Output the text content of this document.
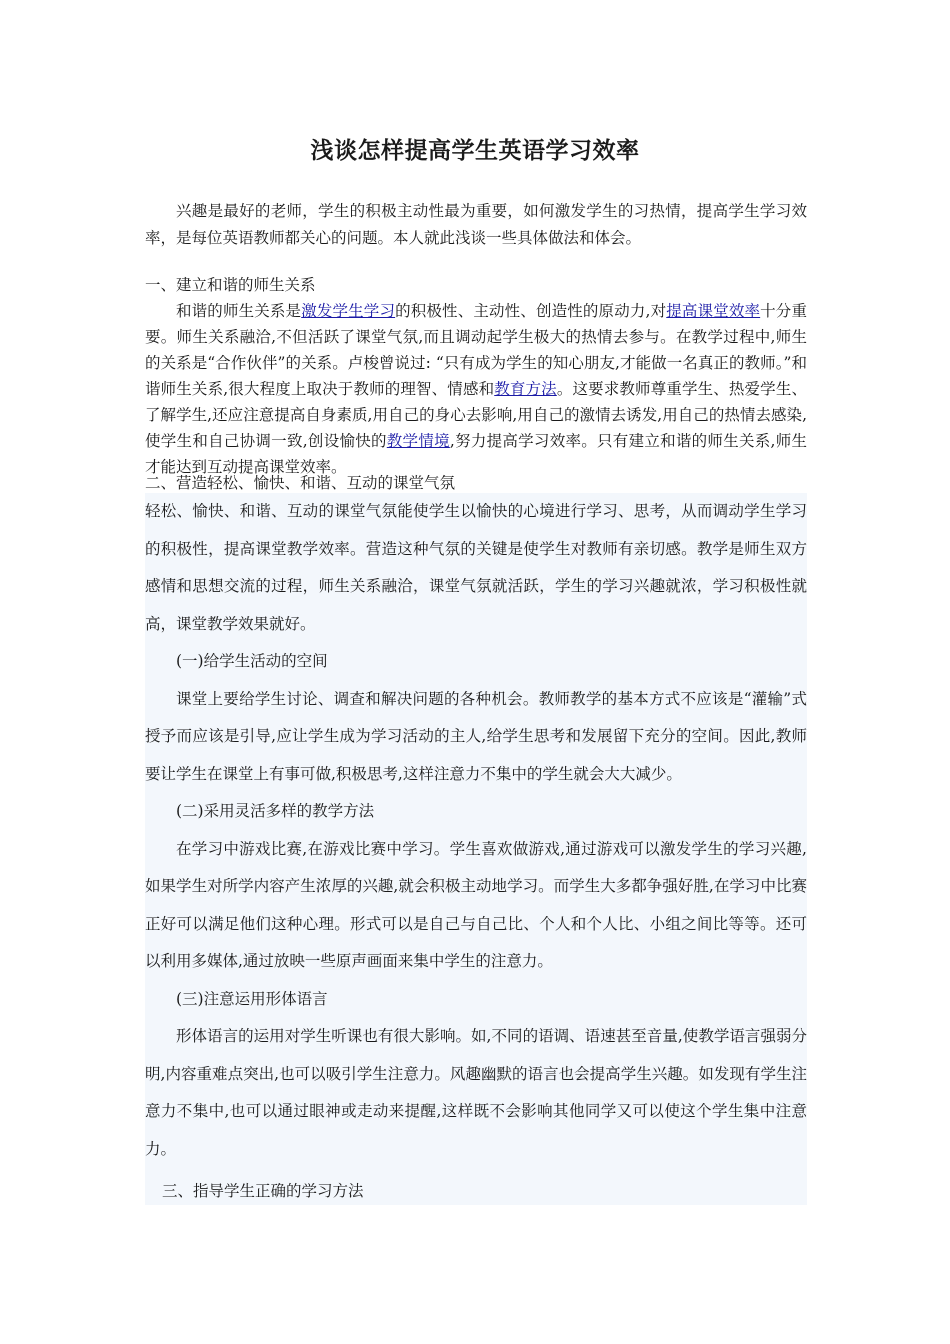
浅谈怎样提高学生英语学习效率

兴趣是最好的老师，学生的积极主动性最为重要，如何激发学生的习热情，提高学生学习效率，是每位英语教师都关心的问题。本人就此浅谈一些具体做法和体会。

一、建立和谐的师生关系

和谐的师生关系是激发学生学习的积极性、主动性、创造性的原动力,对提高课堂效率十分重要。师生关系融洽,不但活跃了课堂气氛,而且调动起学生极大的热情去参与。在教学过程中,师生的关系是“合作伙伴”的关系。卢梭曾说过: “只有成为学生的知心朋友,才能做一名真正的教师。”和谐师生关系,很大程度上取决于教师的理智、情感和教育方法。这要求教师尊重学生、热爱学生、了解学生,还应注意提高自身素质,用自己的身心去影响,用自己的激情去诱发,用自己的热情去感染,使学生和自己协调一致,创设愉快的教学情境,努力提高学习效率。只有建立和谐的师生关系,师生才能达到互动提高课堂效率。

二、营造轻松、愉快、和谐、互动的课堂气氛

轻松、愉快、和谐、互动的课堂气氛能使学生以愉快的心境进行学习、思考，从而调动学生学习的积极性，提高课堂教学效率。营造这种气氛的关键是使学生对教师有亲切感。教学是师生双方感情和思想交流的过程，师生关系融洽，课堂气氛就活跃，学生的学习兴趣就浓，学习积极性就高，课堂教学效果就好。

(一)给学生活动的空间

课堂上要给学生讨论、调查和解决问题的各种机会。教师教学的基本方式不应该是“灌输”式授予而应该是引导,应让学生成为学习活动的主人,给学生思考和发展留下充分的空间。因此,教师要让学生在课堂上有事可做,积极思考,这样注意力不集中的学生就会大大减少。

(二)采用灵活多样的教学方法

在学习中游戏比赛,在游戏比赛中学习。学生喜欢做游戏,通过游戏可以激发学生的学习兴趣,如果学生对所学内容产生浓厚的兴趣,就会积极主动地学习。而学生大多都争强好胜,在学习中比赛正好可以满足他们这种心理。形式可以是自己与自己比、个人和个人比、小组之间比等等。还可以利用多媒体,通过放映一些原声画面来集中学生的注意力。

(三)注意运用形体语言

形体语言的运用对学生听课也有很大影响。如,不同的语调、语速甚至音量,使教学语言强弱分明,内容重难点突出,也可以吸引学生注意力。风趣幽默的语言也会提高学生兴趣。如发现有学生注意力不集中,也可以通过眼神或走动来提醒,这样既不会影响其他同学又可以使这个学生集中注意力。

三、指导学生正确的学习方法
